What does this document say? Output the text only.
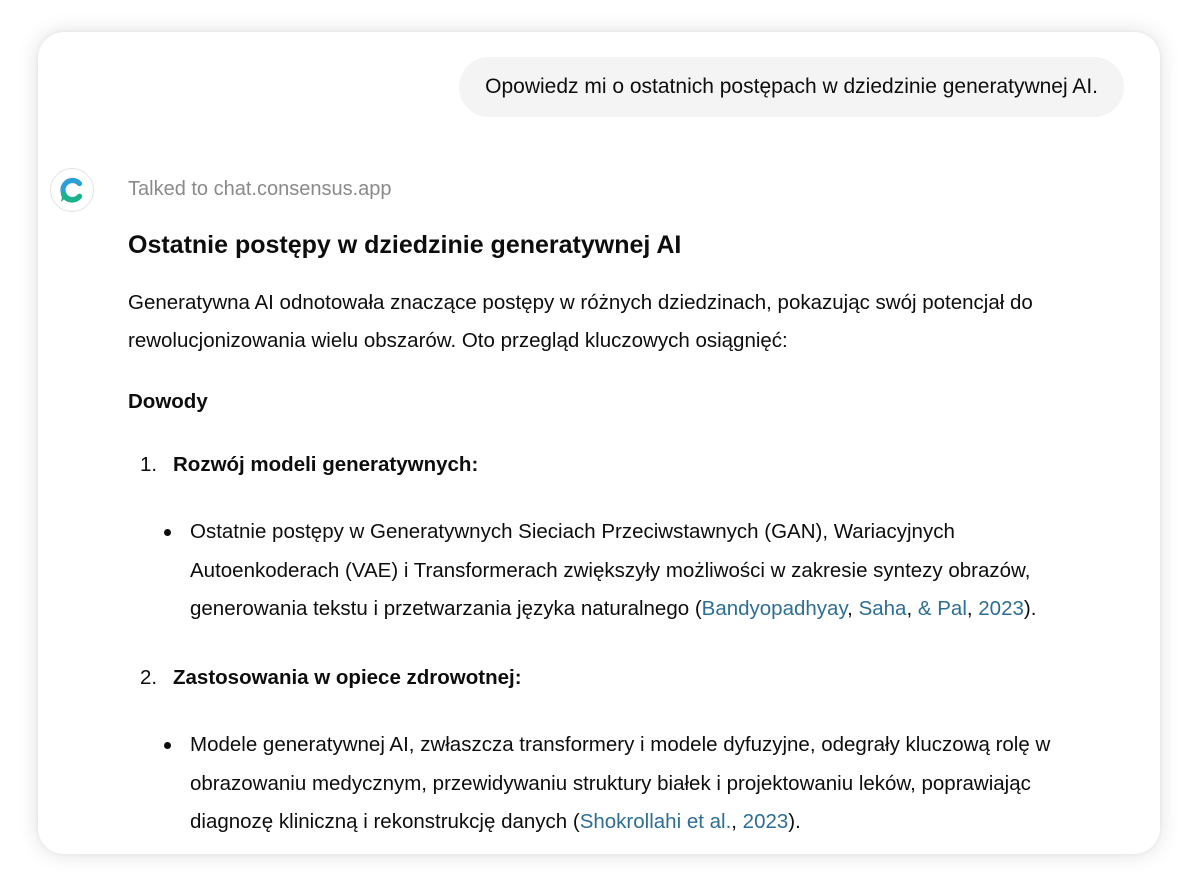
Opowiedz mi o ostatnich postępach w dziedzinie generatywnej AI.
Talked to chat.consensus.app
Ostatnie postępy w dziedzinie generatywnej AI

Generatywna AI odnotowała znaczące postępy w różnych dziedzinach, pokazując swój potencjał do rewolucjonizowania wielu obszarów. Oto przegląd kluczowych osiągnięć:

Dowody
1. Rozwój modeli generatywnych:

Ostatnie postępy w Generatywnych Sieciach Przeciwstawnych (GAN), Wariacyjnych Autoenkoderach (VAE) i Transformerach zwiększyły możliwości w zakresie syntezy obrazów, generowania tekstu i przetwarzania języka naturalnego (Bandyopadhyay, Saha, & Pal, 2023).

2. Zastosowania w opiece zdrowotnej:

Modele generatywnej AI, zwłaszcza transformery i modele dyfuzyjne, odegrały kluczową rolę w obrazowaniu medycznym, przewidywaniu struktury białek i projektowaniu leków, poprawiając diagnozę kliniczną i rekonstrukcję danych (Shokrollahi et al., 2023).
